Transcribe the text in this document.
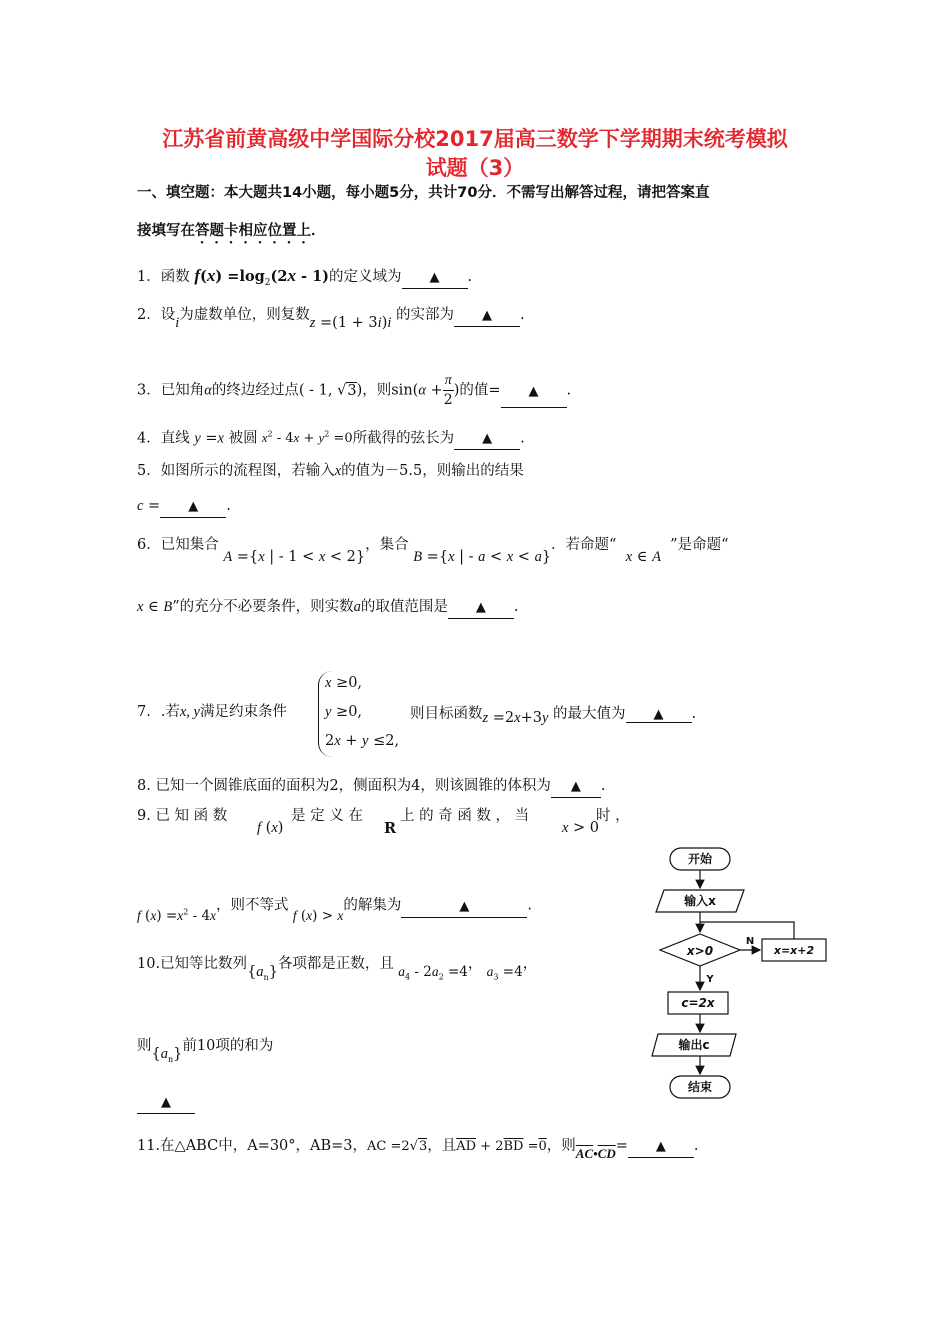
江苏省前黄高级中学国际分校2017届高三数学下学期期末统考模拟
试题（3）
一、填空题：本大题共14小题，每小题5分，共计70分．不需写出解答过程，请把答案直
接填写在答题卡相应位置上．
1．函数 $f(x) =\log_2(2x - 1)$的定义域为 ▲ .
2．设i为虚数单位，则复数z =(1 + 3i)i 的实部为 ▲ .
3．已知角α的终边经过点( - 1, √3)，则$\sin(\alpha + \frac{\pi}{2}$ )的值= ▲ .
4．直线 y =x 被圆 $x^2 - 4x + y^2 =0$所截得的弦长为 ▲ .
5．如图所示的流程图，若输入x的值为－5.5，则输出的结果
c = ▲ .
6．已知集合 A ={x | - 1 < x < 2}，集合 B ={x | - a < x < a}．若命题“  x ∈ A  ”是命题“
x ∈ B”的充分不必要条件，则实数a的取值范围是 ▲ .
7．.若x, y满足约束条件
x ≥0,
y ≥0,
2x + y ≤2,
则目标函数z =2x+3y 的最大值为 ▲ .
8. 已知一个圆锥底面的面积为2，侧面积为4，则该圆锥的体积为 ▲ .
9. 已 知 函 数
f (x)
是 定 义 在
R
上 的 奇 函 数 ， 当
x > 0
时 ，
f $(x) =x^2 - 4x$，则不等式 f (x) > x的解集为	▲	.
10.已知等比数列$\{a_n\}$各项都是正数，且 $a_4 - 2a_2 =4$， $a_3 =4$，
则$\{a_n\}$前10项的和为
▲
11.在△ABC中，A=30°，AB=3，AC =2√3，且$\overline{AD} + 2\overline{BD} =0$，则$\overline{AC}•\overline{CD}=$ ▲ .
开始
输入x
x>0
N
x=x+2
Y
c=2x
输出c
结束
